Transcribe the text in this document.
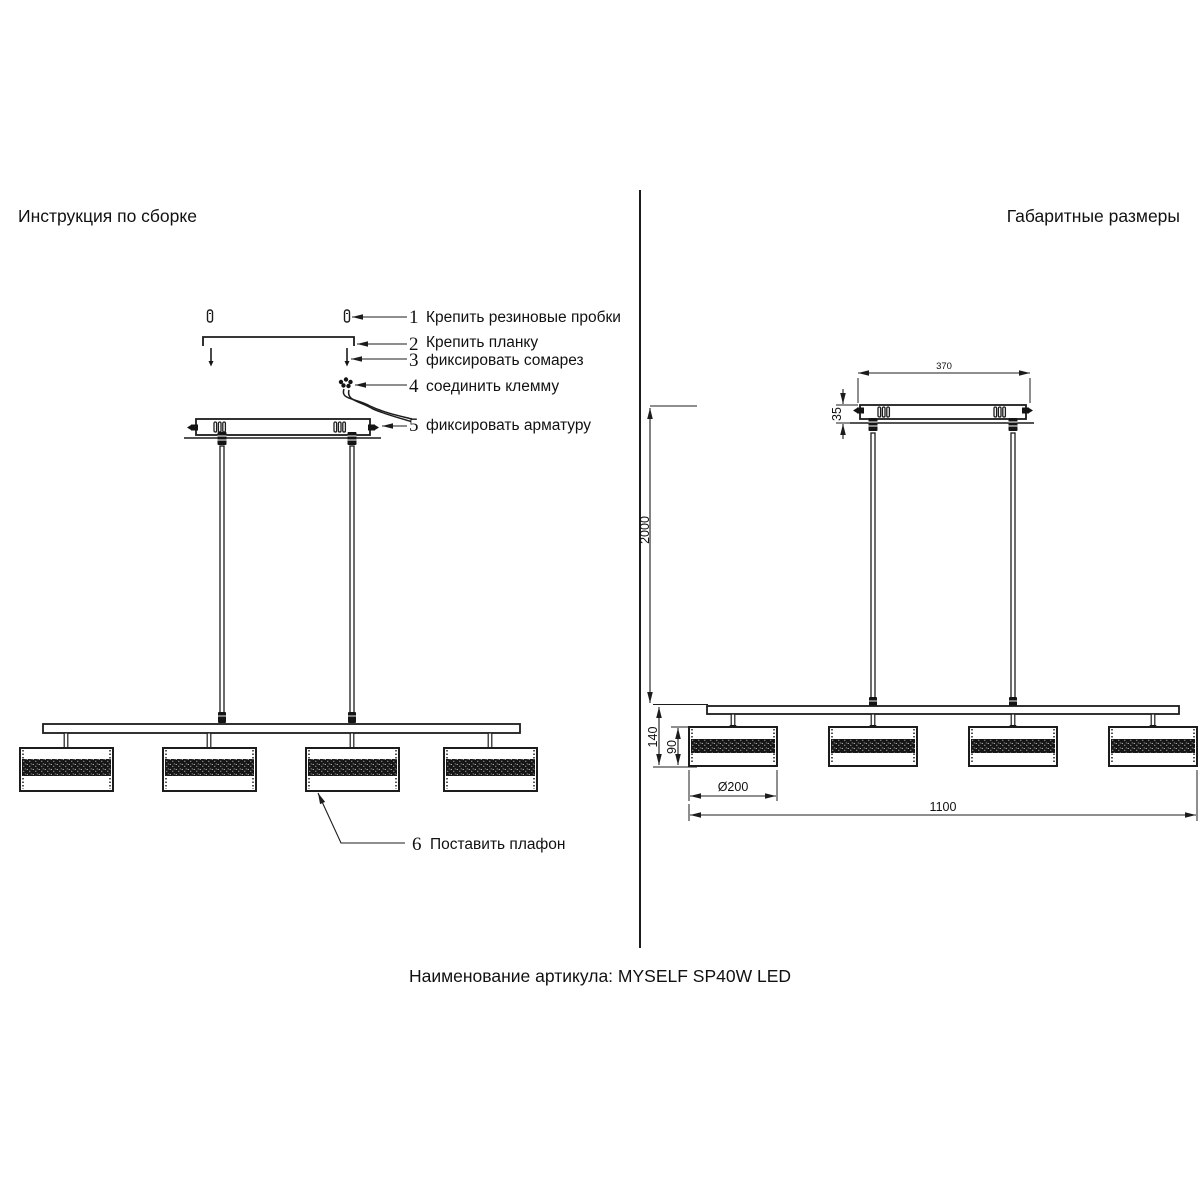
Инструкция по сборке	Габаритные размеры
Наименование артикула: MYSELF SP40W LED
1 Крепить резиновые пробки
2 Крепить планку
3 фиксировать сомарез
4 соединить клемму
5 фиксировать арматуру
6 Поставить плафон
370
35
2000
140 90
Ø200
1100
